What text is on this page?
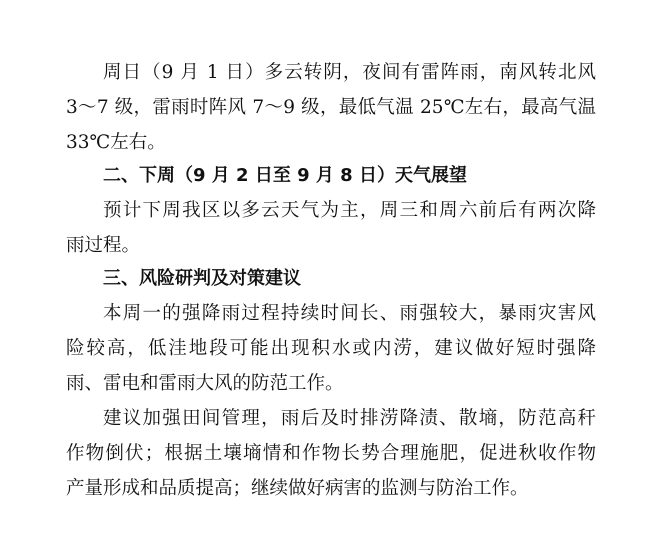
周日（9 月 1 日）多云转阴，夜间有雷阵雨，南风转北风
3～7 级，雷雨时阵风 7～9 级，最低气温 25℃左右，最高气温
33℃左右。
二、下周（9 月 2 日至 9 月 8 日）天气展望
预计下周我区以多云天气为主，周三和周六前后有两次降
雨过程。
三、风险研判及对策建议
本周一的强降雨过程持续时间长、雨强较大，暴雨灾害风
险较高，低洼地段可能出现积水或内涝，建议做好短时强降
雨、雷电和雷雨大风的防范工作。
建议加强田间管理，雨后及时排涝降渍、散墒，防范高秆
作物倒伏；根据土壤墒情和作物长势合理施肥，促进秋收作物
产量形成和品质提高；继续做好病害的监测与防治工作。
